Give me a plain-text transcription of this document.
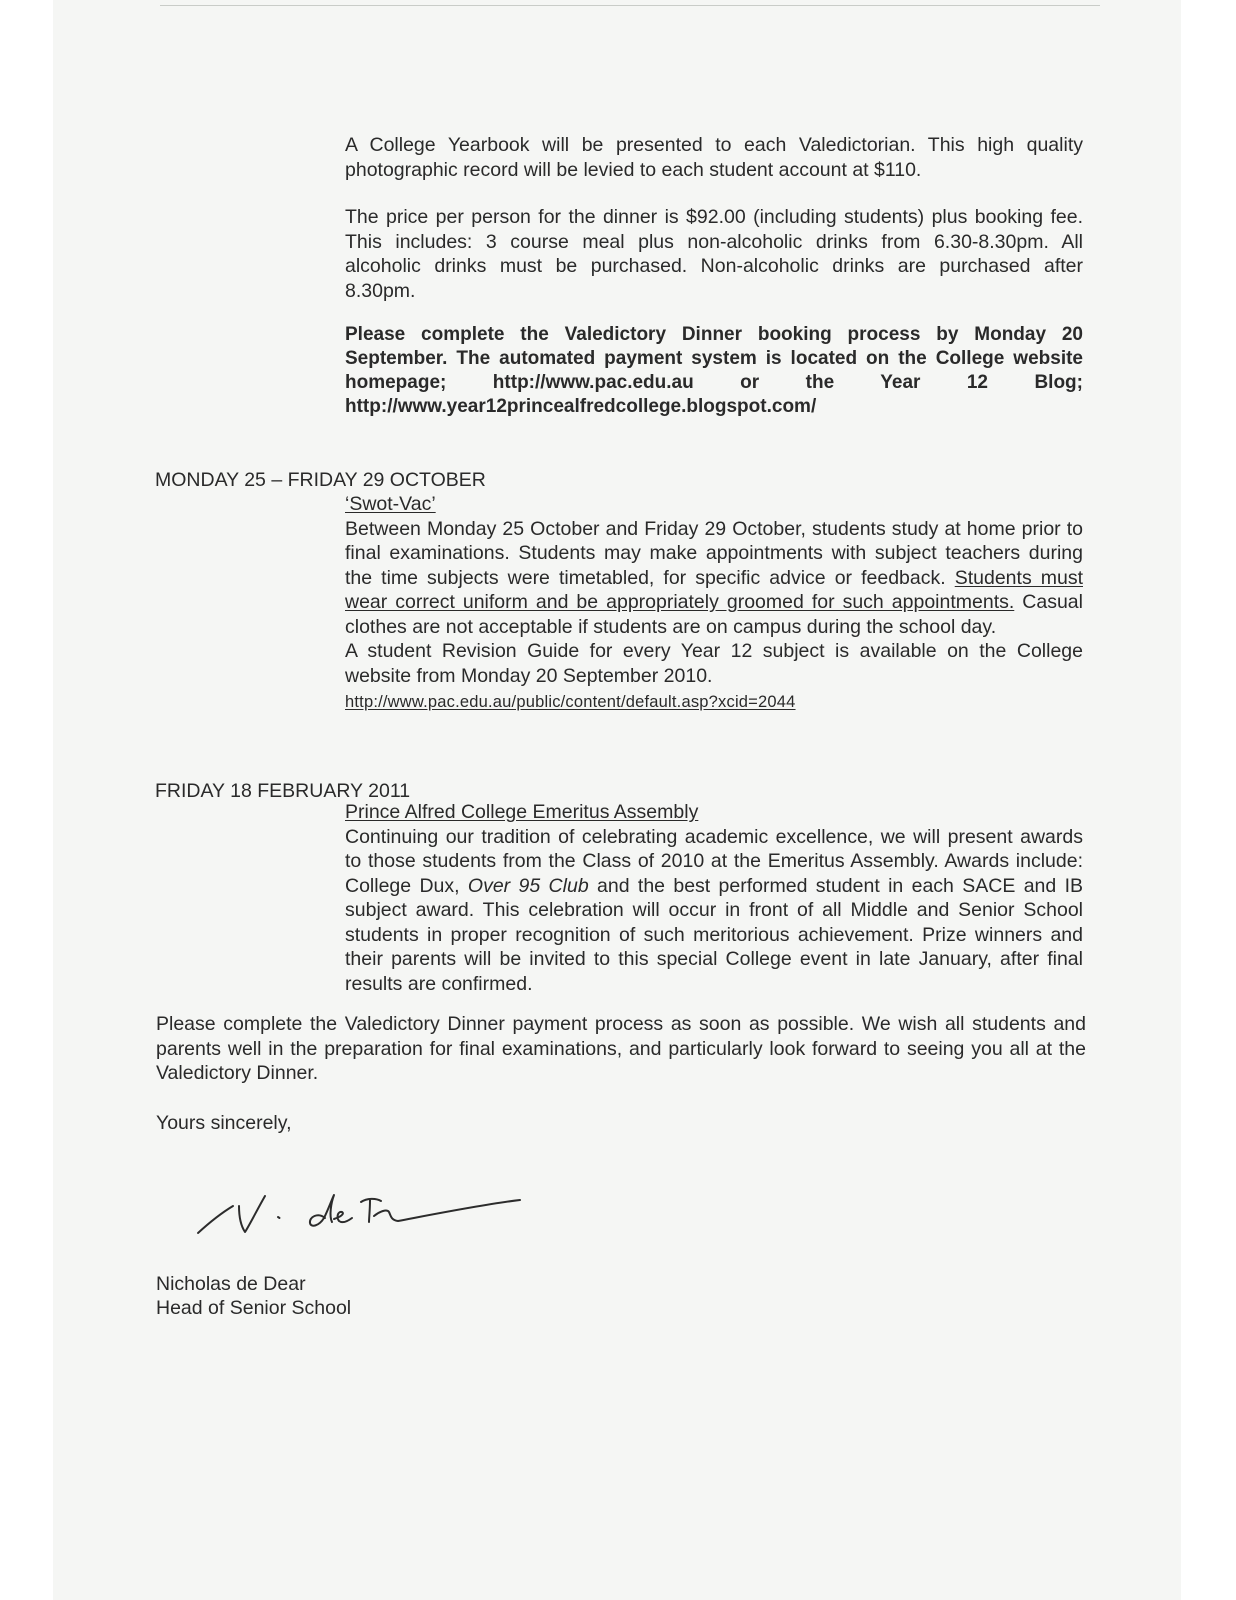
A College Yearbook will be presented to each Valedictorian. This high quality photographic record will be levied to each student account at $110.

The price per person for the dinner is $92.00 (including students) plus booking fee. This includes: 3 course meal plus non-alcoholic drinks from 6.30-8.30pm. All alcoholic drinks must be purchased. Non-alcoholic drinks are purchased after 8.30pm.

Please complete the Valedictory Dinner booking process by Monday 20 September. The automated payment system is located on the College website homepage; http://www.pac.edu.au or the Year 12 Blog; http://www.year12princealfredcollege.blogspot.com/

MONDAY 25 – FRIDAY 29 OCTOBER

‘Swot-Vac’

Between Monday 25 October and Friday 29 October, students study at home prior to final examinations. Students may make appointments with subject teachers during the time subjects were timetabled, for specific advice or feedback. Students must wear correct uniform and be appropriately groomed for such appointments. Casual clothes are not acceptable if students are on campus during the school day.

A student Revision Guide for every Year 12 subject is available on the College website from Monday 20 September 2010.

http://www.pac.edu.au/public/content/default.asp?xcid=2044

FRIDAY 18 FEBRUARY 2011

Prince Alfred College Emeritus Assembly

Continuing our tradition of celebrating academic excellence, we will present awards to those students from the Class of 2010 at the Emeritus Assembly. Awards include: College Dux, Over 95 Club and the best performed student in each SACE and IB subject award. This celebration will occur in front of all Middle and Senior School students in proper recognition of such meritorious achievement. Prize winners and their parents will be invited to this special College event in late January, after final results are confirmed.

Please complete the Valedictory Dinner payment process as soon as possible. We wish all students and parents well in the preparation for final examinations, and particularly look forward to seeing you all at the Valedictory Dinner.

Yours sincerely,

Nicholas de Dear

Head of Senior School
